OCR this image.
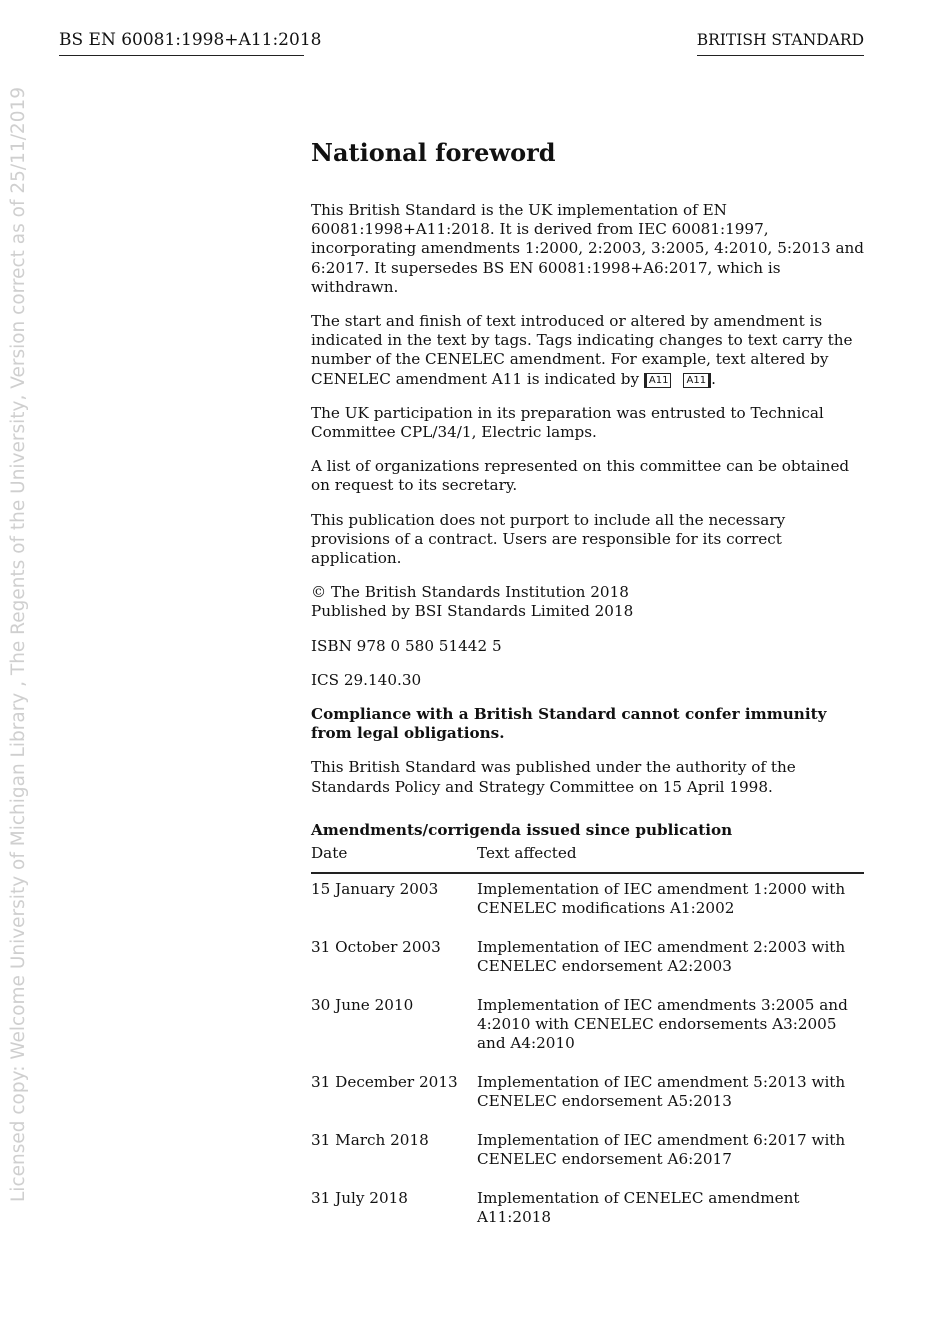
BS EN 60081:1998+A11:2018	BRITISH STANDARD
Licensed copy: Welcome University of Michigan Library , The Regents of the University, Version correct as of 25/11/2019	National foreword

This British Standard is the UK implementation of EN 60081:1998+A11:2018. It is derived from IEC 60081:1997, incorporating amendments 1:2000, 2:2003, 3:2005, 4:2010, 5:2013 and 6:2017. It supersedes BS EN 60081:1998+A6:2017, which is withdrawn.

The start and finish of text introduced or altered by amendment is indicated in the text by tags. Tags indicating changes to text carry the number of the CENELEC amendment. For example, text altered by CENELEC amendment A11 is indicated by A11 A11 .

The UK participation in its preparation was entrusted to Technical Committee CPL/34/1, Electric lamps.

A list of organizations represented on this committee can be obtained on request to its secretary.

This publication does not purport to include all the necessary provisions of a contract. Users are responsible for its correct application.

© The British Standards Institution 2018
Published by BSI Standards Limited 2018

ISBN 978 0 580 51442 5

ICS 29.140.30

Compliance with a British Standard cannot confer immunity from legal obligations.

This British Standard was published under the authority of the Standards Policy and Strategy Committee on 15 April 1998.

Amendments/corrigenda issued since publication
Date	Text affected
15 January 2003	Implementation of IEC amendment 1:2000 with CENELEC modifications A1:2002
31 October 2003	Implementation of IEC amendment 2:2003 with CENELEC endorsement A2:2003
30 June 2010	Implementation of IEC amendments 3:2005 and 4:2010 with CENELEC endorsements A3:2005 and A4:2010
31 December 2013	Implementation of IEC amendment 5:2013 with CENELEC endorsement A5:2013
31 March 2018	Implementation of IEC amendment 6:2017 with CENELEC endorsement A6:2017
31 July 2018	Implementation of CENELEC amendment A11:2018
